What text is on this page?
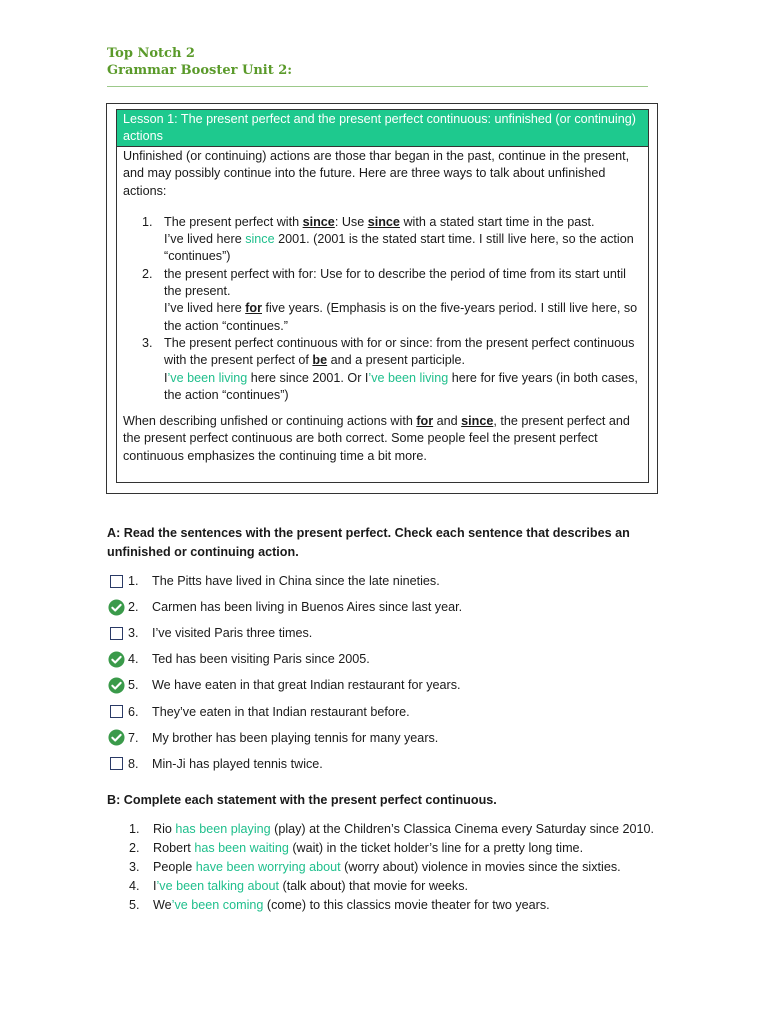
Top Notch 2
Grammar Booster Unit 2:
Lesson 1: The present perfect and the present perfect continuous: unfinished (or continuing) actions

Unfinished (or continuing) actions are those thar began in the past, continue in the present, and may possibly continue into the future. Here are three ways to talk about unfinished actions:

1. The present perfect with since: Use since with a stated start time in the past.
I’ve lived here since 2001. (2001 is the stated start time. I still live here, so the action “continues”)
2. the present perfect with for: Use for to describe the period of time from its start until the present.
I’ve lived here for five years. (Emphasis is on the five-years period. I still live here, so the action “continues.”
3. The present perfect continuous with for or since: from the present perfect continuous with the present perfect of be and a present participle.
I’ve been living here since 2001. Or I’ve been living here for five years (in both cases, the action “continues”)

When describing unfished or continuing actions with for and since, the present perfect and the present perfect continuous are both correct. Some people feel the present perfect continuous emphasizes the continuing time a bit more.

A: Read the sentences with the present perfect. Check each sentence that describes an unfinished or continuing action.
1.	The Pitts have lived in China since the late nineties.
2.	Carmen has been living in Buenos Aires since last year.
3.	I’ve visited Paris three times.
4.	Ted has been visiting Paris since 2005.
5.	We have eaten in that great Indian restaurant for years.
6.	They’ve eaten in that Indian restaurant before.
7.	My brother has been playing tennis for many years.
8.	Min-Ji has played tennis twice.
B: Complete each statement with the present perfect continuous.
1. Rio has been playing (play) at the Children’s Classica Cinema every Saturday since 2010.
2. Robert has been waiting (wait) in the ticket holder’s line for a pretty long time.
3. People have been worrying about (worry about) violence in movies since the sixties.
4. I’ve been talking about (talk about) that movie for weeks.
5. We’ve been coming (come) to this classics movie theater for two years.
